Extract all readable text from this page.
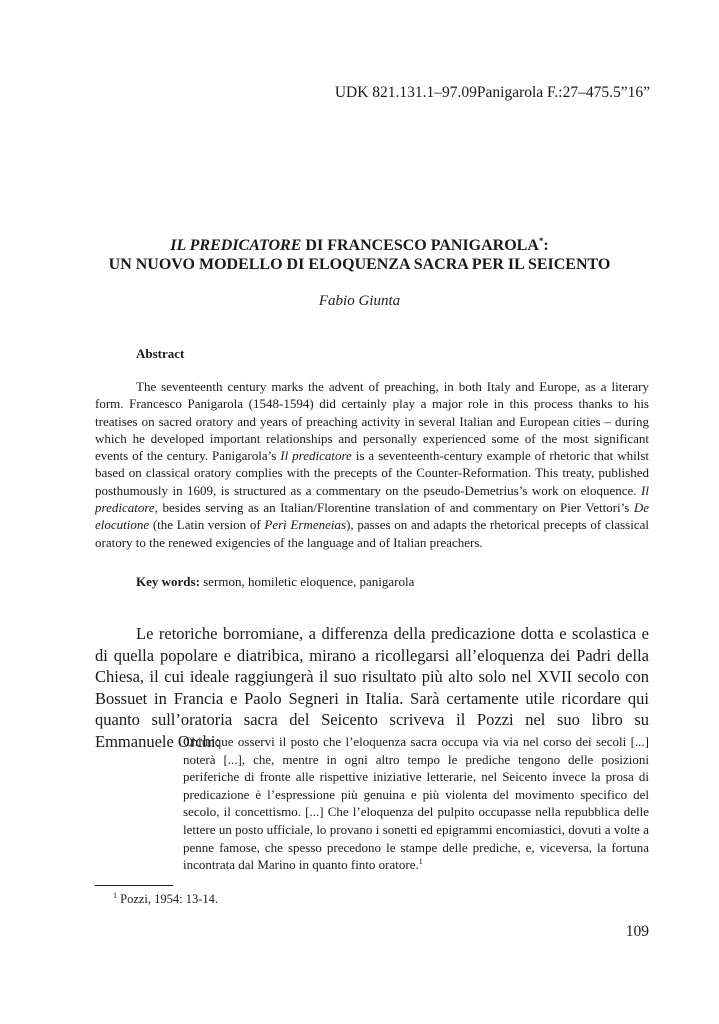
UDK 821.131.1–97.09Panigarola F.:27–475.5”16”
IL PREDICATORE DI FRANCESCO PANIGAROLA*:
UN NUOVO MODELLO DI ELOQUENZA SACRA PER IL SEICENTO
Fabio Giunta
Abstract

The seventeenth century marks the advent of preaching, in both Italy and Europe, as a literary form. Francesco Panigarola (1548-1594) did certainly play a major role in this process thanks to his treatises on sacred oratory and years of preaching activity in several Italian and European cities – during which he developed important relationships and personally experienced some of the most significant events of the century. Panigarola’s Il predicatore is a seventeenth-century example of rhetoric that whilst based on classical oratory complies with the precepts of the Counter-Reformation. This treaty, published posthumously in 1609, is structured as a commentary on the pseudo-Demetrius’s work on eloquence. Il predicatore, besides serving as an Italian/Florentine translation of and commentary on Pier Vettori’s De elocutione (the Latin version of Perì Ermeneias), passes on and adapts the rhetorical precepts of classical oratory to the renewed exigencies of the language and of Italian preachers.

Key words: sermon, homiletic eloquence, panigarola

Le retoriche borromiane, a differenza della predicazione dotta e scolastica e di quella popolare e diatribica, mirano a ricollegarsi all’eloquenza dei Padri della Chiesa, il cui ideale raggiungerà il suo risultato più alto solo nel XVII secolo con Bossuet in Francia e Paolo Segneri in Italia. Sarà certamente utile ricordare qui quanto sull’oratoria sacra del Seicento scriveva il Pozzi nel suo libro su Emmanuele Orchi:

Chiunque osservi il posto che l’eloquenza sacra occupa via via nel corso dei secoli [...] noterà [...], che, mentre in ogni altro tempo le prediche tengono delle posizioni periferiche di fronte alle rispettive iniziative letterarie, nel Seicento invece la prosa di predicazione è l’espressione più genuina e più violenta del movimento specifico del secolo, il concettismo. [...] Che l’eloquenza del pulpito occupasse nella repubblica delle lettere un posto ufficiale, lo provano i sonetti ed epigrammi encomiastici, dovuti a volte a penne famose, che spesso precedono le stampe delle prediche, e, viceversa, la fortuna incontrata dal Marino in quanto finto oratore.$^1$

$^1$ Pozzi, 1954: 13-14.
109
